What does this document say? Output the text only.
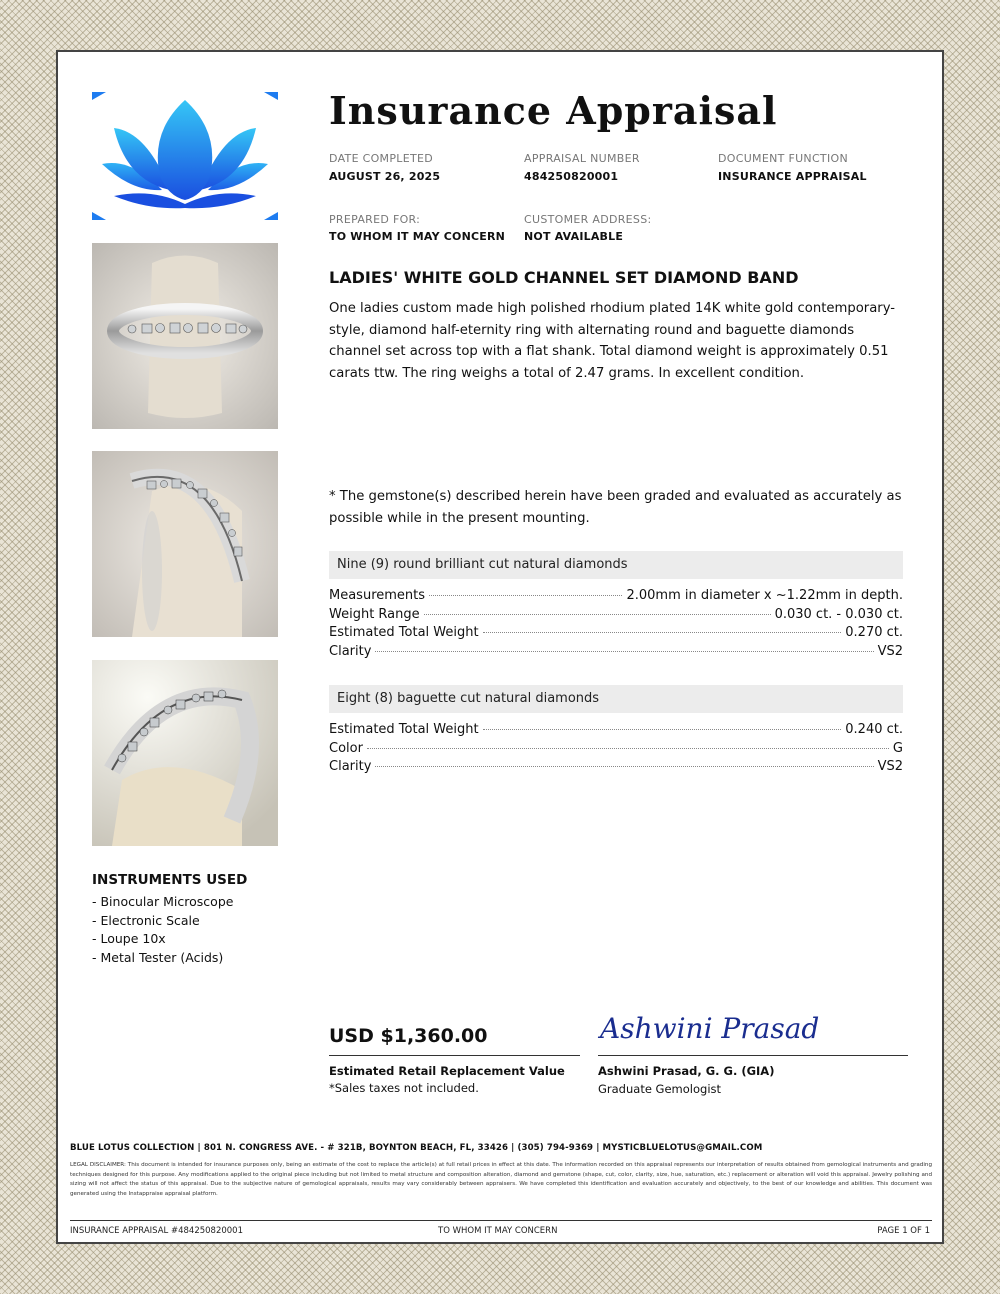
Insurance Appraisal
DATE COMPLETED
AUGUST 26, 2025
APPRAISAL NUMBER
484250820001
DOCUMENT FUNCTION
INSURANCE APPRAISAL
PREPARED FOR:
TO WHOM IT MAY CONCERN
CUSTOMER ADDRESS:
NOT AVAILABLE
LADIES' WHITE GOLD CHANNEL SET DIAMOND BAND
One ladies custom made high polished rhodium plated 14K white gold contemporary-style, diamond half-eternity ring with alternating round and baguette diamonds channel set across top with a flat shank. Total diamond weight is approximately 0.51 carats ttw. The ring weighs a total of 2.47 grams. In excellent condition.
* The gemstone(s) described herein have been graded and evaluated as accurately as possible while in the present mounting.
Nine (9) round brilliant cut natural diamonds
Measurements	2.00mm in diameter x ~1.22mm in depth.
Weight Range	0.030 ct. - 0.030 ct.
Estimated Total Weight	0.270 ct.
Clarity	VS2
Eight (8) baguette cut natural diamonds
Estimated Total Weight	0.240 ct.
Color	G
Clarity	VS2
INSTRUMENTS USED
- Binocular Microscope
- Electronic Scale
- Loupe 10x
- Metal Tester (Acids)
USD $1,360.00
Estimated Retail Replacement Value
*Sales taxes not included.
Ashwini Prasad
Ashwini Prasad, G. G. (GIA)
Graduate Gemologist
BLUE LOTUS COLLECTION | 801 N. CONGRESS AVE. - # 321B, BOYNTON BEACH, FL, 33426 | (305) 794-9369 | MYSTICBLUELOTUS@GMAIL.COM
LEGAL DISCLAIMER: This document is intended for insurance purposes only, being an estimate of the cost to replace the article(s) at full retail prices in effect at this date. The information recorded on this appraisal represents our interpretation of results obtained from gemological instruments and grading techniques designed for this purpose. Any modifications applied to the original piece including but not limited to metal structure and composition alteration, diamond and gemstone (shape, cut, color, clarity, size, hue, saturation, etc.) replacement or alteration will void this appraisal. Jewelry polishing and sizing will not affect the status of this appraisal. Due to the subjective nature of gemological appraisals, results may vary considerably between appraisers. We have completed this identification and evaluation accurately and objectively, to the best of our knowledge and abilities. This document was generated using the Instappraise appraisal platform.
INSURANCE APPRAISAL #484250820001	TO WHOM IT MAY CONCERN	PAGE 1 OF 1
